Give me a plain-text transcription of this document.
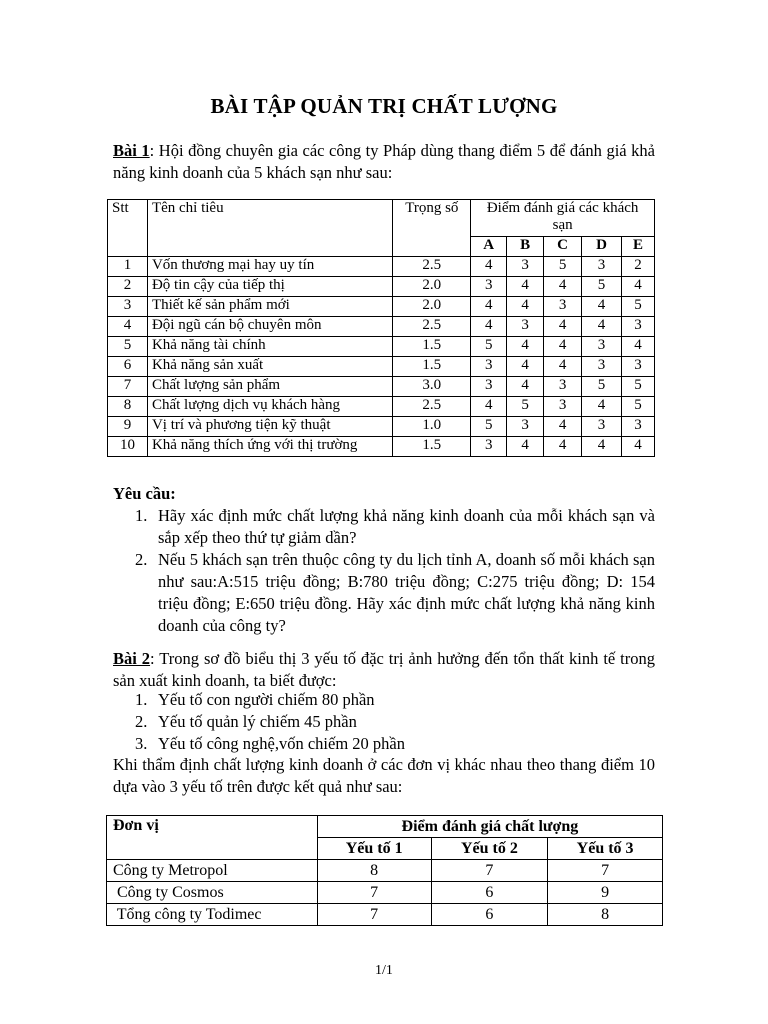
BÀI TẬP QUẢN TRỊ CHẤT LƯỢNG
Bài 1: Hội đồng chuyên gia các công ty Pháp dùng thang điểm 5 để đánh giá khả năng kinh doanh của 5 khách sạn như sau:
Stt	Tên chỉ tiêu	Trọng số	Điểm đánh giá các khách sạn				
			A	B	C	D	E
1	Vốn thương mại hay uy tín	2.5	4	3	5	3	2
2	Độ tin cậy của tiếp thị	2.0	3	4	4	5	4
3	Thiết kế sản phẩm mới	2.0	4	4	3	4	5
4	Đội ngũ cán bộ chuyên môn	2.5	4	3	4	4	3
5	Khả năng tài chính	1.5	5	4	4	3	4
6	Khả năng sản xuất	1.5	3	4	4	3	3
7	Chất lượng sản phẩm	3.0	3	4	3	5	5
8	Chất lượng dịch vụ khách hàng	2.5	4	5	3	4	5
9	Vị trí và phương tiện kỹ thuật	1.0	5	3	4	3	3
10	Khả năng thích ứng với thị trường	1.5	3	4	4	4	4
Yêu cầu:
1. Hãy xác định mức chất lượng khả năng kinh doanh của mỗi khách sạn và sắp xếp theo thứ tự giảm dần?
2. Nếu 5 khách sạn trên thuộc công ty du lịch tỉnh A, doanh số mỗi khách sạn như sau:A:515 triệu đồng; B:780 triệu đồng; C:275 triệu đồng; D: 154 triệu đồng; E:650 triệu đồng. Hãy xác định mức chất lượng khả năng kinh doanh của công ty?
Bài 2: Trong sơ đồ biểu thị 3 yếu tố đặc trị ảnh hưởng đến tổn thất kinh tế trong sản xuất kinh doanh, ta biết được:
1. Yếu tố con người chiếm 80 phần
2. Yếu tố quản lý chiếm 45 phần
3. Yếu tố công nghệ,vốn chiếm 20 phần
Khi thẩm định chất lượng kinh doanh ở các đơn vị khác nhau theo thang điểm 10 dựa vào 3 yếu tố trên được kết quả như sau:
Đơn vị	Điểm đánh giá chất lượng		
	Yếu tố 1	Yếu tố 2	Yếu tố 3
Công ty Metropol	8	7	7
Công ty Cosmos	7	6	9
Tổng công ty Todimec	7	6	8
1/1
